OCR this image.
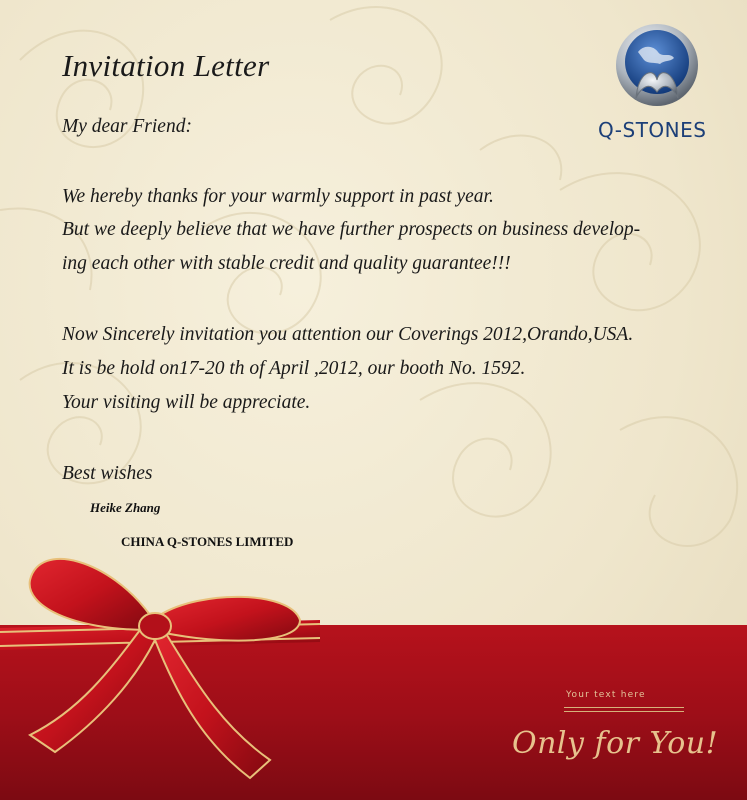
Invitation Letter
My dear Friend:
We hereby thanks for your warmly support in past year.
But we deeply believe that we have further prospects on business develop-
ing each other with stable credit and quality guarantee!!!
Now Sincerely invitation you attention our Coverings 2012,Orando,USA.
It is be hold on17-20 th of April ,2012, our booth No. 1592.
Your visiting will be appreciate.
Best wishes
Heike Zhang
CHINA Q-STONES LIMITED
Q-STONES
Your text here
Only for You!
